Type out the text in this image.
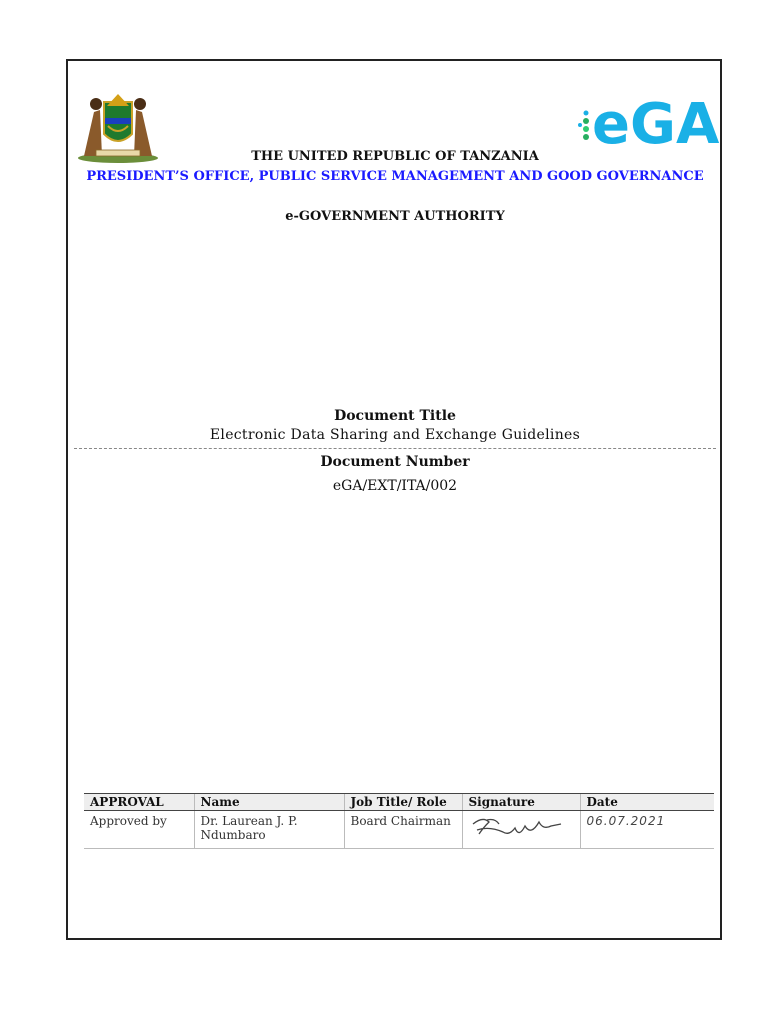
eGA
THE UNITED REPUBLIC OF TANZANIA
PRESIDENT’S OFFICE, PUBLIC SERVICE MANAGEMENT AND GOOD GOVERNANCE
e-GOVERNMENT AUTHORITY
Document Title
Electronic Data Sharing and Exchange Guidelines
Document Number
eGA/EXT/ITA/002
APPROVAL	Name	Job Title/ Role	Signature	Date
Approved by	Dr. Laurean J. P. Ndumbaro	Board Chairman		06.07.2021
